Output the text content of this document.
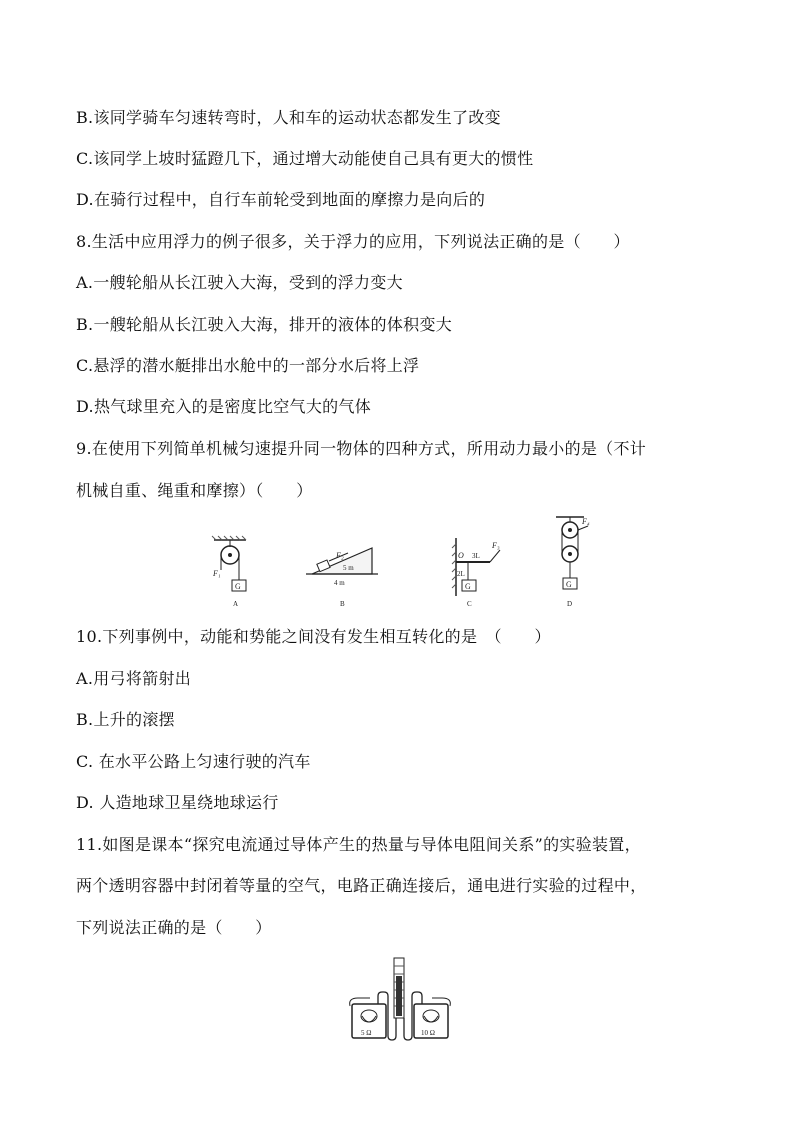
B.该同学骑车匀速转弯时，人和车的运动状态都发生了改变
C.该同学上坡时猛蹬几下，通过增大动能使自己具有更大的惯性
D.在骑行过程中，自行车前轮受到地面的摩擦力是向后的
8.生活中应用浮力的例子很多，关于浮力的应用，下列说法正确的是（　　）
A.一艘轮船从长江驶入大海，受到的浮力变大
B.一艘轮船从长江驶入大海，排开的液体的体积变大
C.悬浮的潜水艇排出水舱中的一部分水后将上浮
D.热气球里充入的是密度比空气大的气体
9.在使用下列简单机械匀速提升同一物体的四种方式，所用动力最小的是（不计
机械自重、绳重和摩擦）（　　）
F₁
G
A
F₂
5 m
4 m
B
O 3L
F₃
2L
G
C
F₄
G
D
10.下列事例中，动能和势能之间没有发生相互转化的是　（　　）
A.用弓将箭射出
B.上升的滚摆
C. 在水平公路上匀速行驶的汽车
D. 人造地球卫星绕地球运行
11.如图是课本“探究电流通过导体产生的热量与导体电阻间关系”的实验装置，
两个透明容器中封闭着等量的空气，电路正确连接后，通电进行实验的过程中，
下列说法正确的是（　　）
5 Ω	10 Ω
